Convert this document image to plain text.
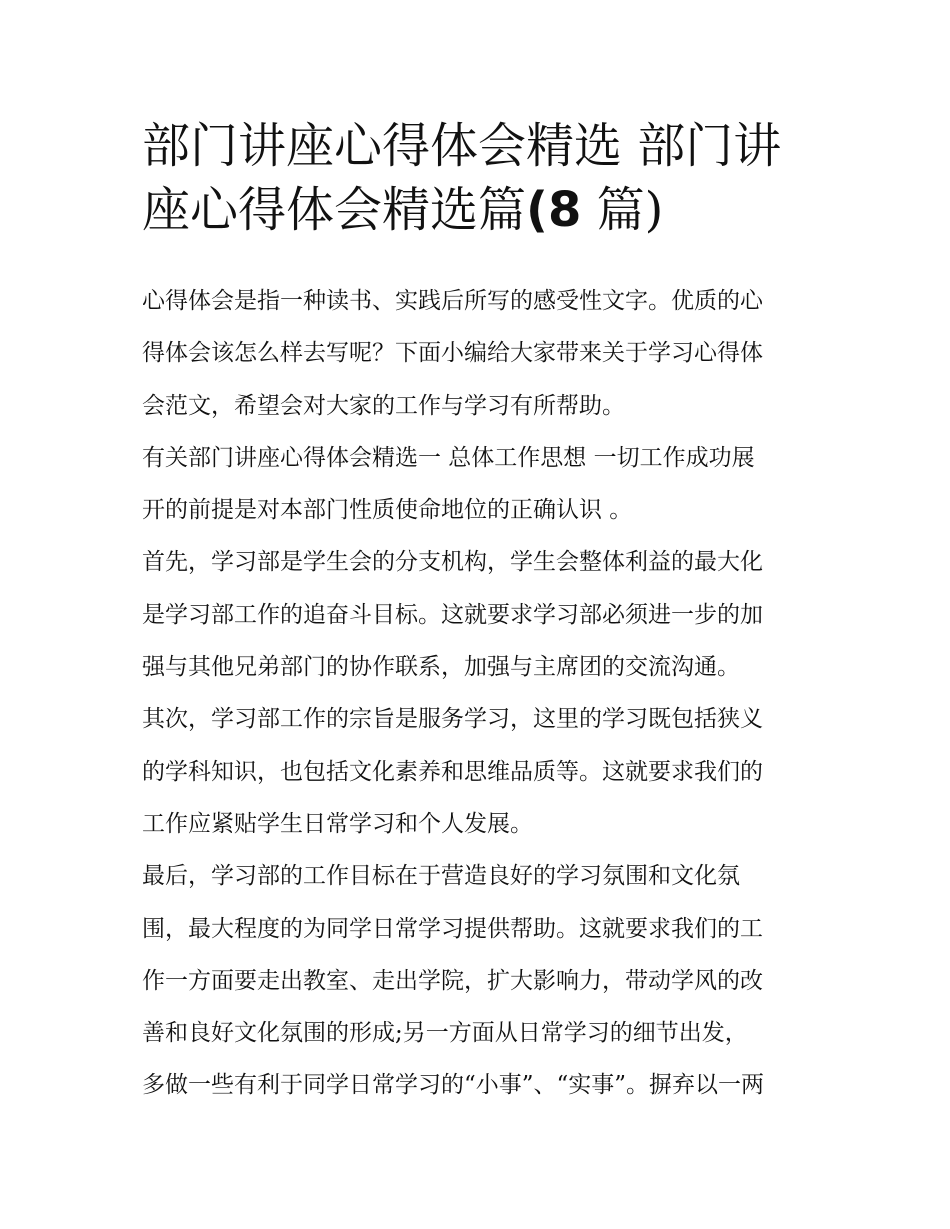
部门讲座心得体会精选 部门讲
座心得体会精选篇(8 篇)
心得体会是指一种读书、实践后所写的感受性文字。优质的心
得体会该怎么样去写呢？下面小编给大家带来关于学习心得体
会范文，希望会对大家的工作与学习有所帮助。
有关部门讲座心得体会精选一 总体工作思想 一切工作成功展
开的前提是对本部门性质使命地位的正确认识 。
首先，学习部是学生会的分支机构，学生会整体利益的最大化
是学习部工作的追奋斗目标。这就要求学习部必须进一步的加
强与其他兄弟部门的协作联系，加强与主席团的交流沟通。
其次，学习部工作的宗旨是服务学习，这里的学习既包括狭义
的学科知识，也包括文化素养和思维品质等。这就要求我们的
工作应紧贴学生日常学习和个人发展。
最后，学习部的工作目标在于营造良好的学习氛围和文化氛
围，最大程度的为同学日常学习提供帮助。这就要求我们的工
作一方面要走出教室、走出学院，扩大影响力，带动学风的改
善和良好文化氛围的形成;另一方面从日常学习的细节出发，
多做一些有利于同学日常学习的“小事”、“实事”。摒弃以一两
